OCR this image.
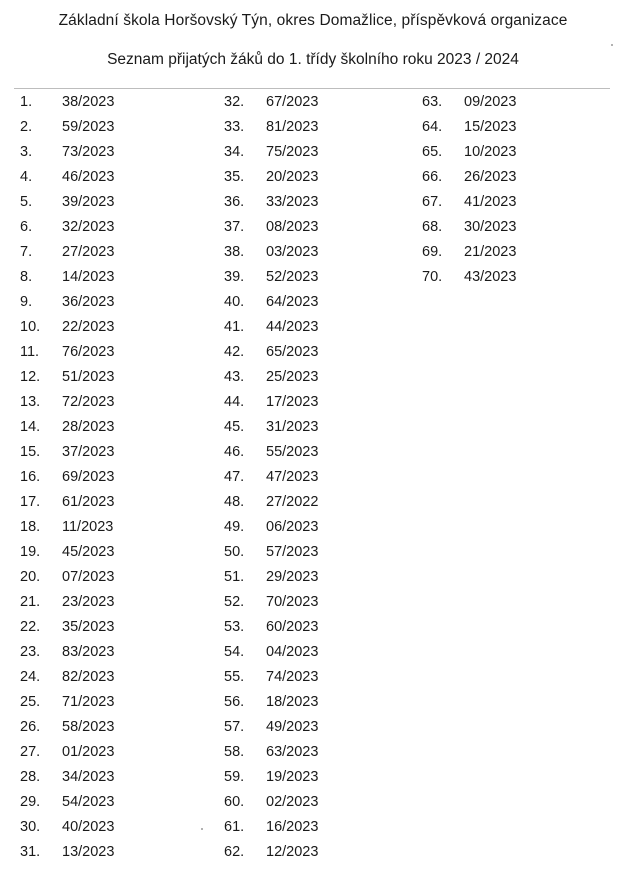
Základní škola Horšovský Týn, okres Domažlice, příspěvková organizace
Seznam přijatých žáků do 1. třídy školního roku 2023 / 2024
1. 38/2023
2. 59/2023
3. 73/2023
4. 46/2023
5. 39/2023
6. 32/2023
7. 27/2023
8. 14/2023
9. 36/2023
10. 22/2023
11. 76/2023
12. 51/2023
13. 72/2023
14. 28/2023
15. 37/2023
16. 69/2023
17. 61/2023
18. 11/2023
19. 45/2023
20. 07/2023
21. 23/2023
22. 35/2023
23. 83/2023
24. 82/2023
25. 71/2023
26. 58/2023
27. 01/2023
28. 34/2023
29. 54/2023
30. 40/2023
31. 13/2023
32. 67/2023
33. 81/2023
34. 75/2023
35. 20/2023
36. 33/2023
37. 08/2023
38. 03/2023
39. 52/2023
40. 64/2023
41. 44/2023
42. 65/2023
43. 25/2023
44. 17/2023
45. 31/2023
46. 55/2023
47. 47/2023
48. 27/2022
49. 06/2023
50. 57/2023
51. 29/2023
52. 70/2023
53. 60/2023
54. 04/2023
55. 74/2023
56. 18/2023
57. 49/2023
58. 63/2023
59. 19/2023
60. 02/2023
61. 16/2023
62. 12/2023
63. 09/2023
64. 15/2023
65. 10/2023
66. 26/2023
67. 41/2023
68. 30/2023
69. 21/2023
70. 43/2023
